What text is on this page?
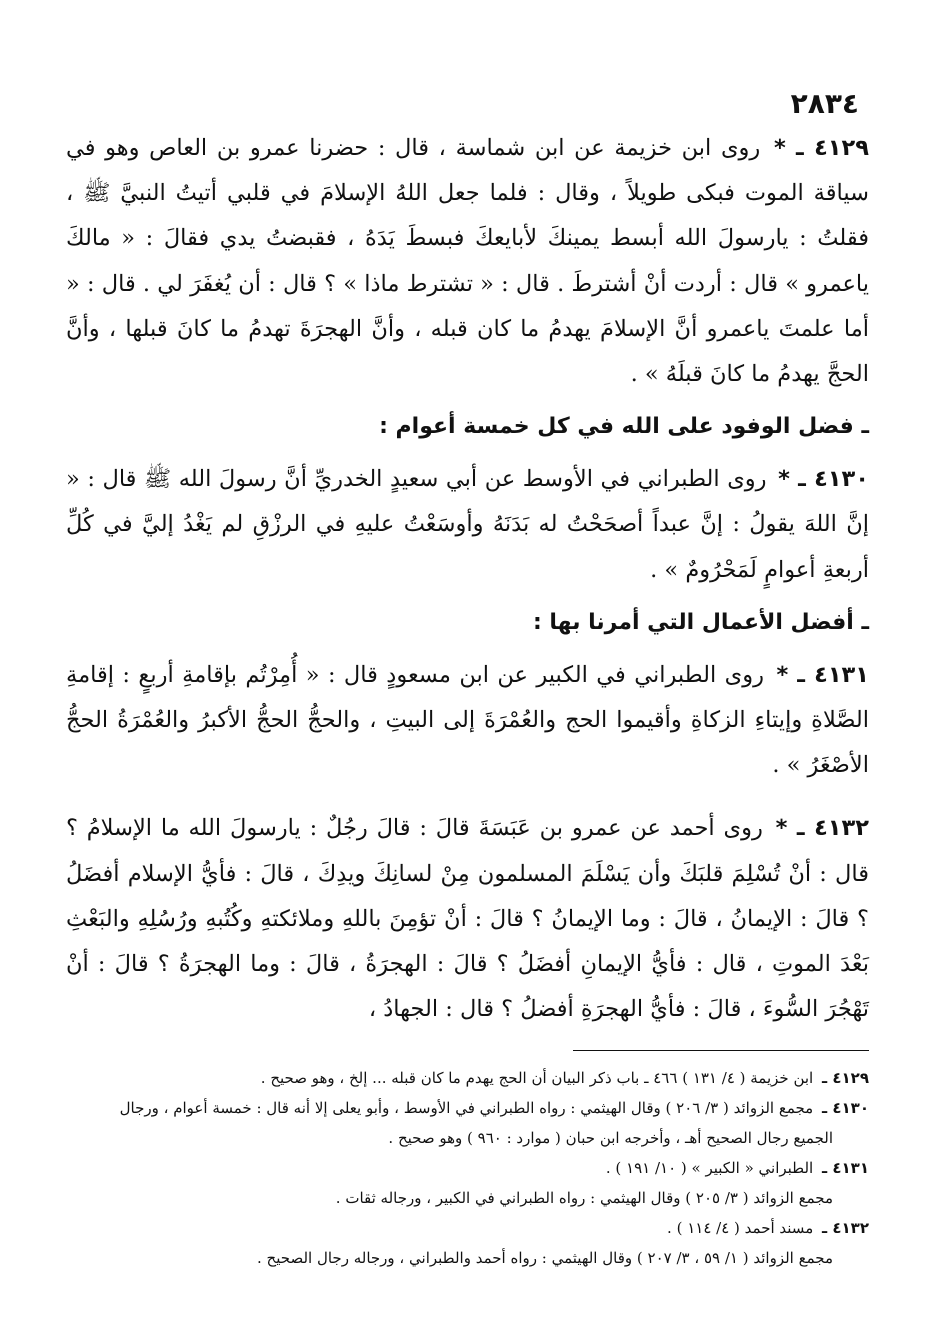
٢٨٣٤

٤١٢٩ ـ * روى ابن خزيمة عن ابن شماسة ، قال : حضرنا عمرو بن العاص وهو في سياقة الموت فبكى طويلاً ، وقال : فلما جعل اللهُ الإسلامَ في قلبي أتيتُ النبيَّ ﷺ ، فقلتُ : يارسولَ الله أبسط يمينكَ لأبايعكَ فبسطَ يَدَهُ ، فقبضتُ يدي فقالَ : « مالكَ ياعمرو » قال : أردت أنْ أشترطَ . قال : « تشترط ماذا » ؟ قال : أن يُغفَرَ لي . قال : « أما علمتَ ياعمرو أنَّ الإسلامَ يهدمُ ما كان قبله ، وأنَّ الهجرَةَ تهدمُ ما كانَ قبلها ، وأنَّ الحجَّ يهدمُ ما كانَ قبلَهُ » .

ـ فضل الوفود على الله في كل خمسة أعوام :

٤١٣٠ ـ * روى الطبراني في الأوسط عن أبي سعيدٍ الخدريِّ أنَّ رسولَ الله ﷺ قال : « إنَّ اللهَ يقولُ : إنَّ عبداً أصحَحْتُ له بَدَنَهُ وأوسَعْتُ عليهِ في الرزْقِ لم يَغْدُ إليَّ في كُلِّ أربعةِ أعوامٍ لَمَحْرُومٌ » .

ـ أفضل الأعمال التي أمرنا بها :

٤١٣١ ـ * روى الطبراني في الكبير عن ابن مسعودٍ قال : « أُمِرْتُم بإقامةِ أربعٍ : إقامةِ الصَّلاةِ وإيتاءِ الزكاةِ وأقيموا الحج والعُمْرَةَ إلى البيتِ ، والحجُّ الحجُّ الأكبرُ والعُمْرَةُ الحجُّ الأصْغَرُ » .

٤١٣٢ ـ * روى أحمد عن عمرو بن عَبَسَةَ قالَ : قالَ رجُلٌ : يارسولَ الله ما الإسلامُ ؟ قال : أنْ تُسْلِمَ قلبَكَ وأن يَسْلَمَ المسلمون مِنْ لسانِكَ ويدِكَ ، قالَ : فأيُّ الإسلام أفضَلُ ؟ قالَ : الإيمانُ ، قالَ : وما الإيمانُ ؟ قالَ : أنْ تؤمِنَ باللهِ وملائكتهِ وكُتُبهِ ورُسُلِهِ والبَعْثِ بَعْدَ الموتِ ، قال : فأيُّ الإيمانِ أفضَلُ ؟ قالَ : الهجرَةُ ، قالَ : وما الهجرَةُ ؟ قالَ : أنْ تَهْجُرَ السُّوءَ ، قالَ : فأيُّ الهجرَةِ أفضلُ ؟ قال : الجهادُ ،

٤١٢٩ ـ ابن خزيمة ( ٤/ ١٣١ ) ٤٦٦ ـ باب ذكر البيان أن الحج يهدم ما كان قبله ... إلخ ، وهو صحيح .
٤١٣٠ ـ مجمع الزوائد ( ٣/ ٢٠٦ ) وقال الهيثمي : رواه الطبراني في الأوسط ، وأبو يعلى إلا أنه قال : خمسة أعوام ، ورجال
الجميع رجال الصحيح أهـ ، وأخرجه ابن حبان ( موارد : ٩٦٠ ) وهو صحيح .
٤١٣١ ـ الطبراني « الكبير » ( ١٠/ ١٩١ ) .
مجمع الزوائد ( ٣/ ٢٠٥ ) وقال الهيثمي : رواه الطبراني في الكبير ، ورجاله ثقات .
٤١٣٢ ـ مسند أحمد ( ٤/ ١١٤ ) .
مجمع الزوائد ( ١/ ٥٩ ، ٣/ ٢٠٧ ) وقال الهيثمي : رواه أحمد والطبراني ، ورجاله رجال الصحيح .
